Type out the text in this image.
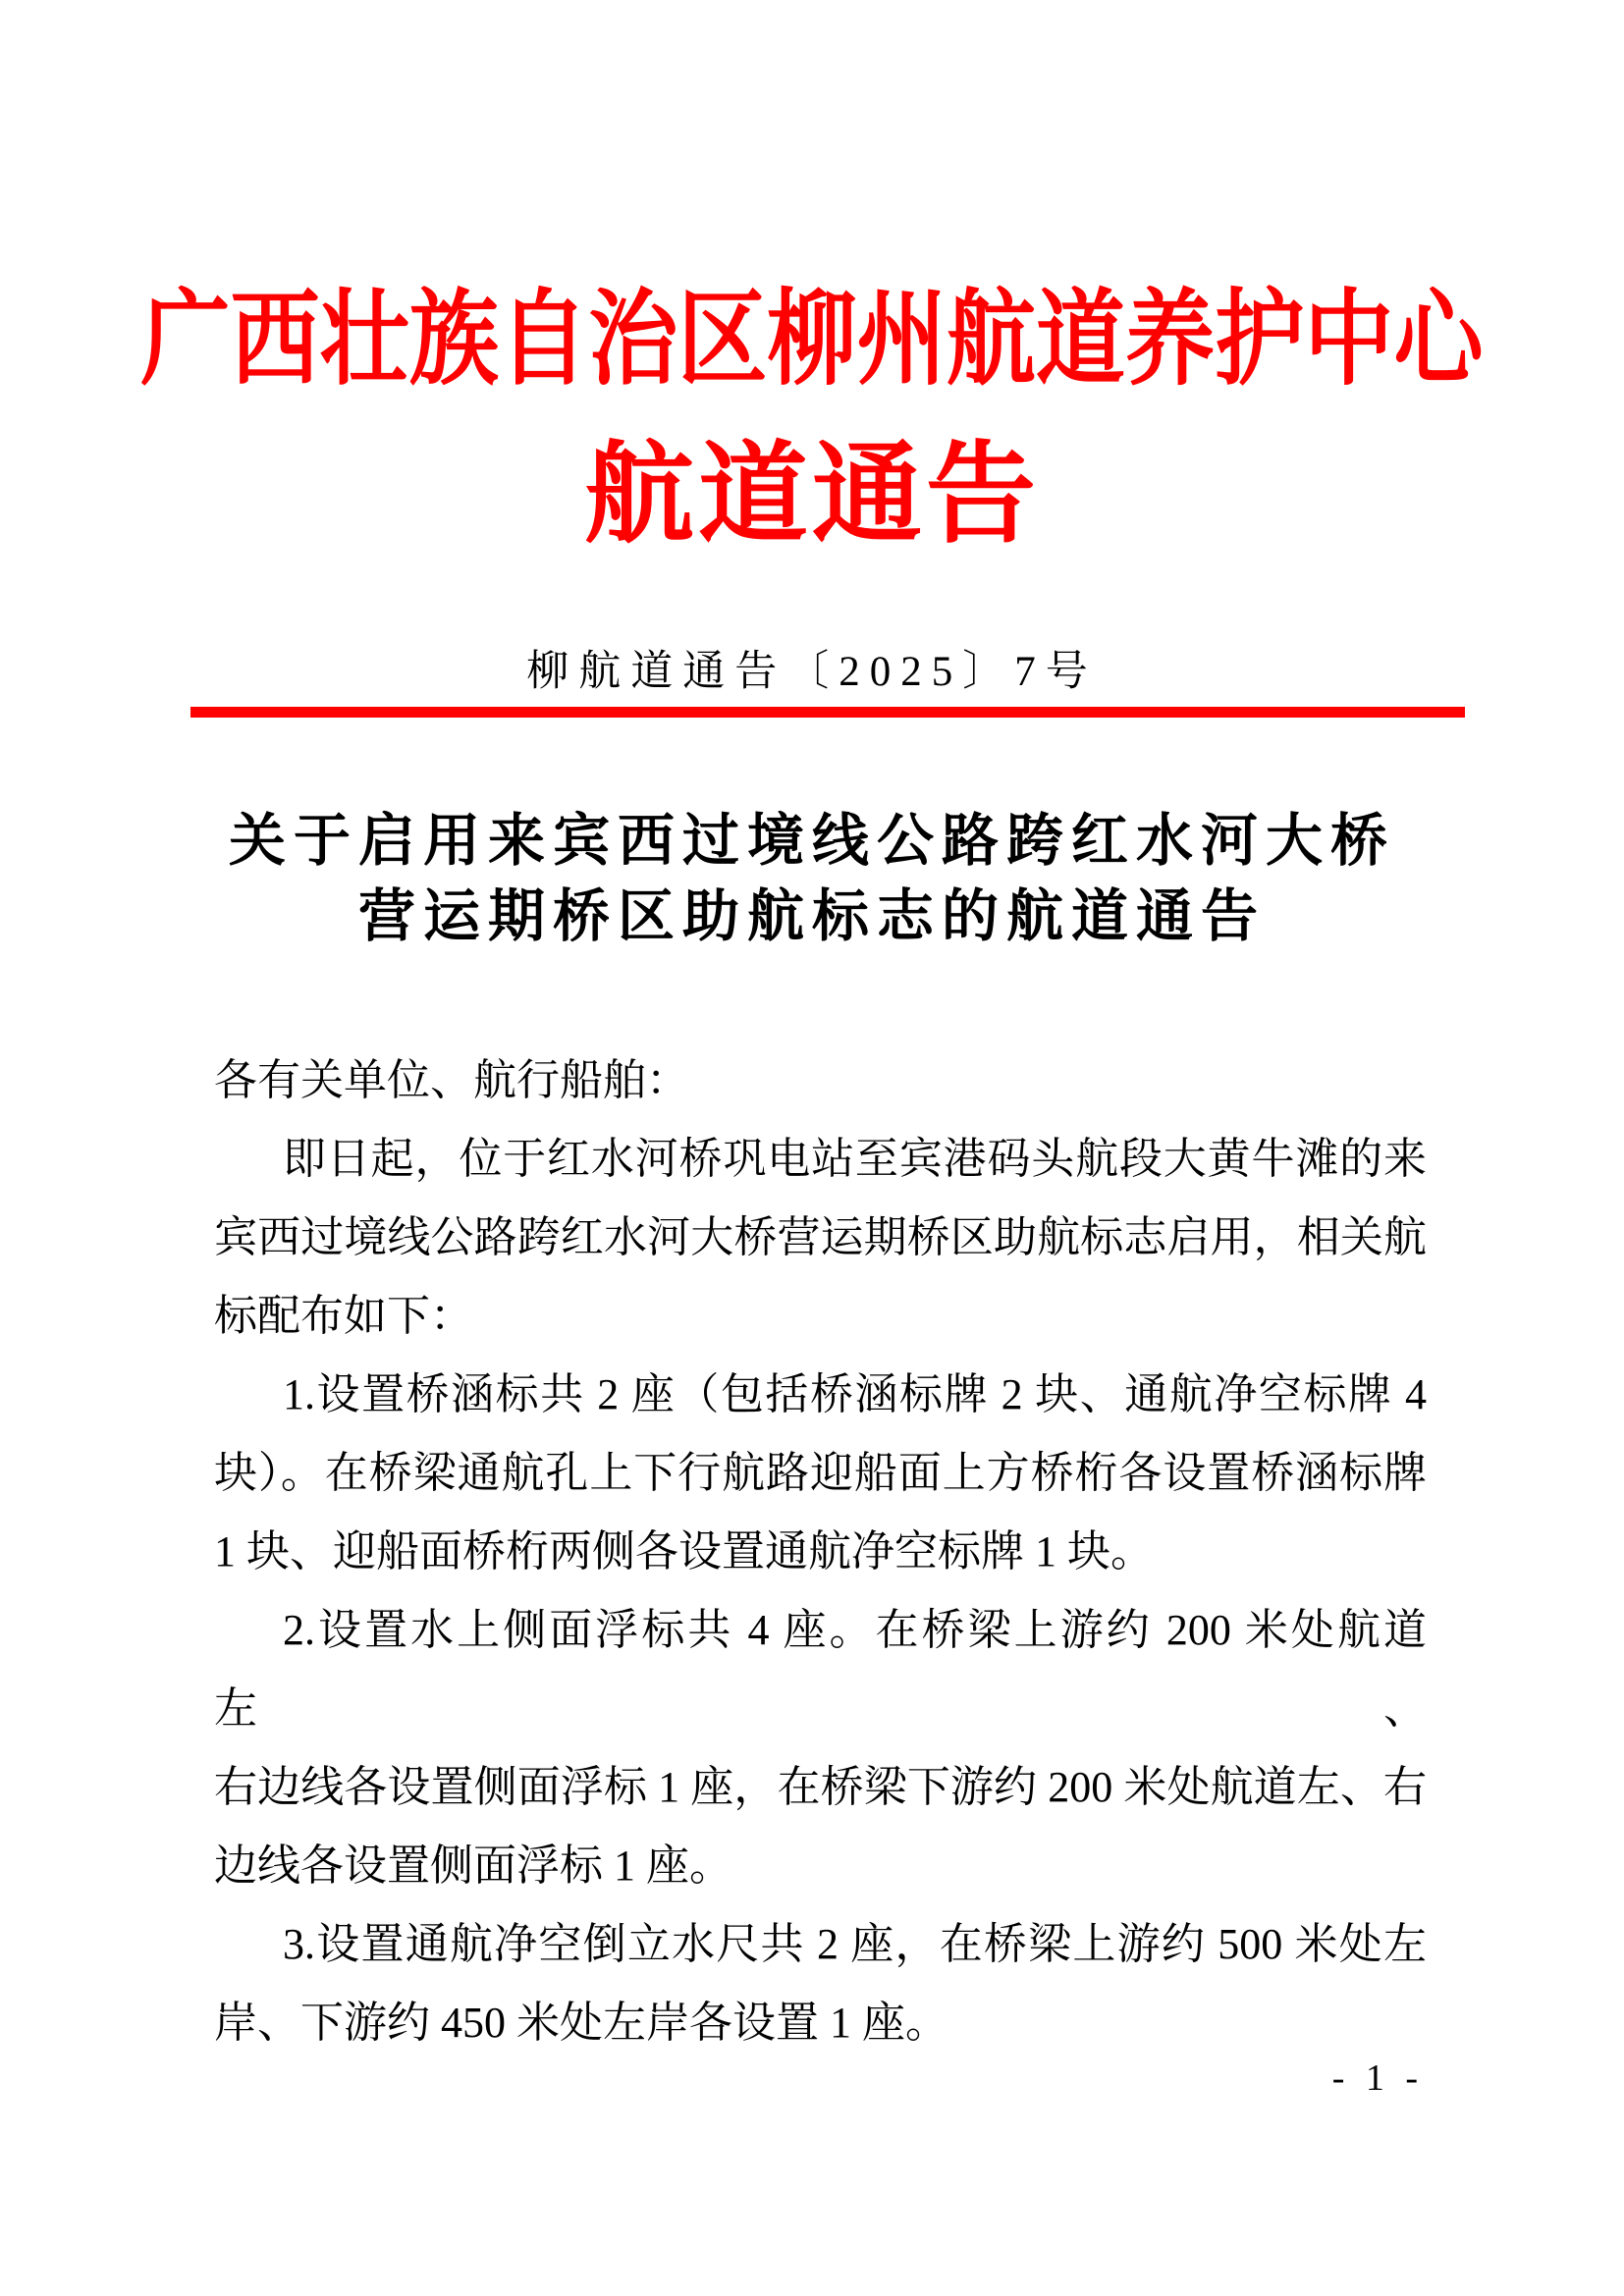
广西壮族自治区柳州航道养护中心
航道通告
柳航道通告〔2025〕7号
关于启用来宾西过境线公路跨红水河大桥
营运期桥区助航标志的航道通告
各有关单位、航行船舶：
即日起，位于红水河桥巩电站至宾港码头航段大黄牛滩的来
宾西过境线公路跨红水河大桥营运期桥区助航标志启用，相关航
标配布如下：
1.设置桥涵标共 2 座（包括桥涵标牌 2 块、通航净空标牌 4
块）。在桥梁通航孔上下行航路迎船面上方桥桁各设置桥涵标牌
1 块、迎船面桥桁两侧各设置通航净空标牌 1 块。
2.设置水上侧面浮标共 4 座。在桥梁上游约 200 米处航道左、
右边线各设置侧面浮标 1 座，在桥梁下游约 200 米处航道左、右
边线各设置侧面浮标 1 座。
3.设置通航净空倒立水尺共 2 座，在桥梁上游约 500 米处左
岸、下游约 450 米处左岸各设置 1 座。
- 1 -
